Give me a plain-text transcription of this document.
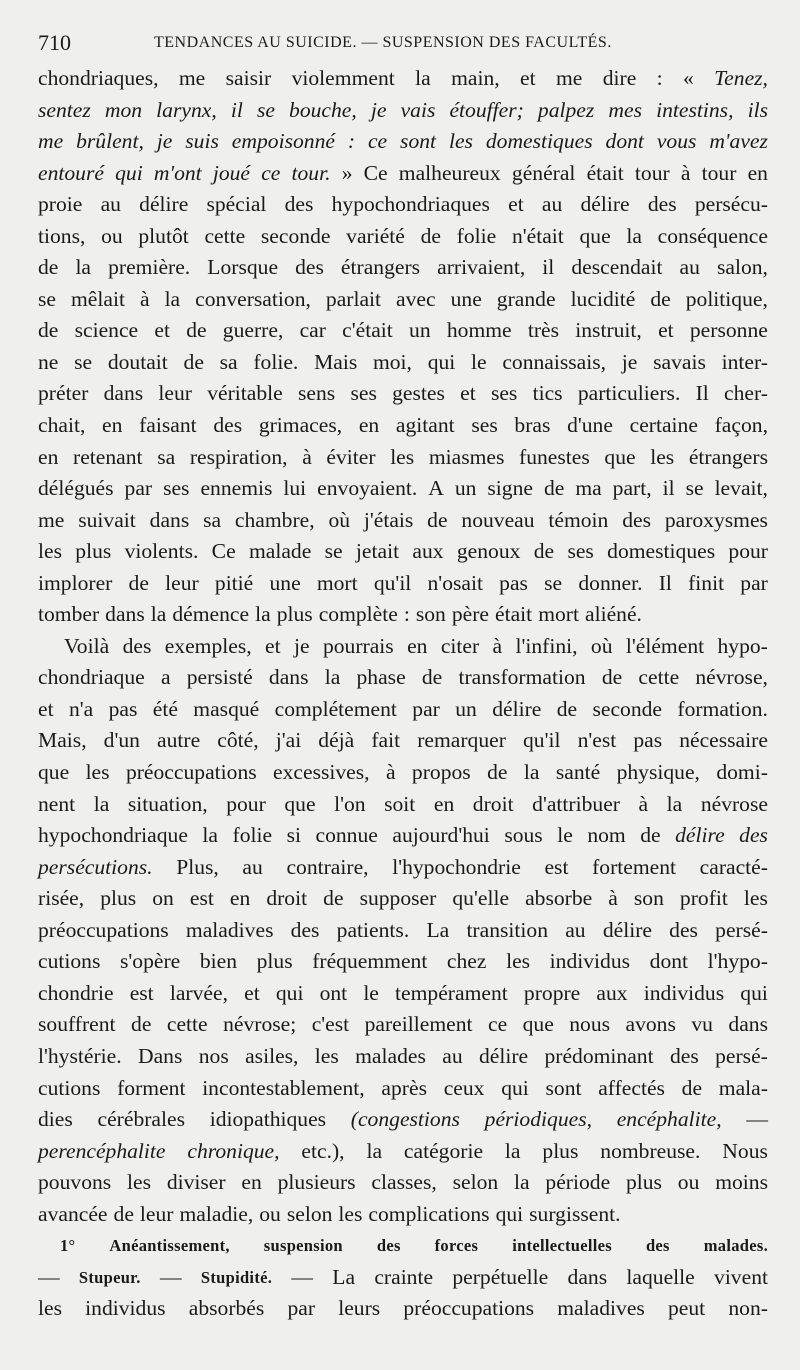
710	TENDANCES AU SUICIDE. — SUSPENSION DES FACULTÉS.
chondriaques, me saisir violemment la main, et me dire : « Tenez,
sentez mon larynx, il se bouche, je vais étouffer; palpez mes intestins, ils
me brûlent, je suis empoisonné : ce sont les domestiques dont vous m'avez
entouré qui m'ont joué ce tour. » Ce malheureux général était tour à tour en
proie au délire spécial des hypochondriaques et au délire des persécu-
tions, ou plutôt cette seconde variété de folie n'était que la conséquence
de la première. Lorsque des étrangers arrivaient, il descendait au salon,
se mêlait à la conversation, parlait avec une grande lucidité de politique,
de science et de guerre, car c'était un homme très instruit, et personne
ne se doutait de sa folie. Mais moi, qui le connaissais, je savais inter-
préter dans leur véritable sens ses gestes et ses tics particuliers. Il cher-
chait, en faisant des grimaces, en agitant ses bras d'une certaine façon,
en retenant sa respiration, à éviter les miasmes funestes que les étrangers
délégués par ses ennemis lui envoyaient. A un signe de ma part, il se levait,
me suivait dans sa chambre, où j'étais de nouveau témoin des paroxysmes
les plus violents. Ce malade se jetait aux genoux de ses domestiques pour
implorer de leur pitié une mort qu'il n'osait pas se donner. Il finit par
tomber dans la démence la plus complète : son père était mort aliéné.
Voilà des exemples, et je pourrais en citer à l'infini, où l'élément hypo-
chondriaque a persisté dans la phase de transformation de cette névrose,
et n'a pas été masqué complétement par un délire de seconde formation.
Mais, d'un autre côté, j'ai déjà fait remarquer qu'il n'est pas nécessaire
que les préoccupations excessives, à propos de la santé physique, domi-
nent la situation, pour que l'on soit en droit d'attribuer à la névrose
hypochondriaque la folie si connue aujourd'hui sous le nom de délire des
persécutions. Plus, au contraire, l'hypochondrie est fortement caracté-
risée, plus on est en droit de supposer qu'elle absorbe à son profit les
préoccupations maladives des patients. La transition au délire des persé-
cutions s'opère bien plus fréquemment chez les individus dont l'hypo-
chondrie est larvée, et qui ont le tempérament propre aux individus qui
souffrent de cette névrose; c'est pareillement ce que nous avons vu dans
l'hystérie. Dans nos asiles, les malades au délire prédominant des persé-
cutions forment incontestablement, après ceux qui sont affectés de mala-
dies cérébrales idiopathiques (congestions périodiques, encéphalite, —
perencéphalite chronique, etc.), la catégorie la plus nombreuse. Nous
pouvons les diviser en plusieurs classes, selon la période plus ou moins
avancée de leur maladie, ou selon les complications qui surgissent.
1° Anéantissement, suspension des forces intellectuelles des malades.
— Stupeur. — Stupidité. — La crainte perpétuelle dans laquelle vivent
les individus absorbés par leurs préoccupations maladives peut non-
